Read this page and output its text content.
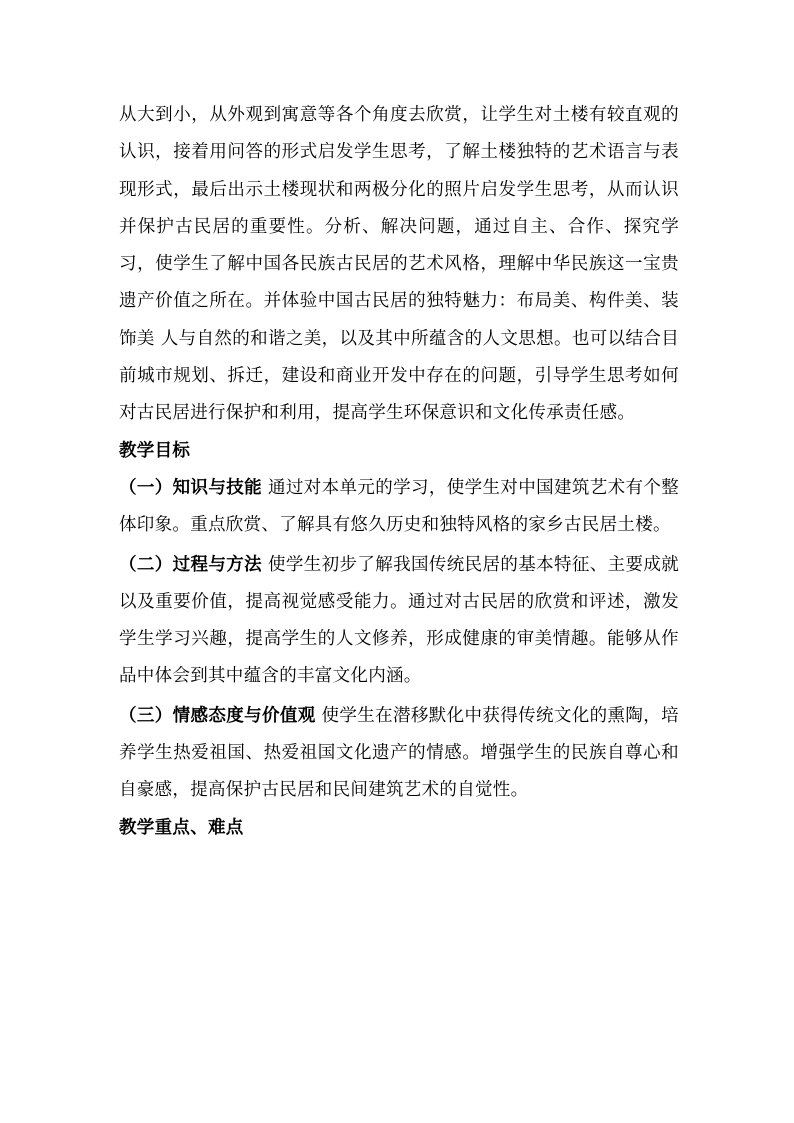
从大到小，从外观到寓意等各个角度去欣赏，让学生对土楼有较直观的认识，接着用问答的形式启发学生思考，了解土楼独特的艺术语言与表现形式，最后出示土楼现状和两极分化的照片启发学生思考，从而认识并保护古民居的重要性。分析、解决问题，通过自主、合作、探究学习，使学生了解中国各民族古民居的艺术风格，理解中华民族这一宝贵遗产价值之所在。并体验中国古民居的独特魅力：布局美、构件美、装饰美 人与自然的和谐之美，以及其中所蕴含的人文思想。也可以结合目前城市规划、拆迁，建设和商业开发中存在的问题，引导学生思考如何对古民居进行保护和利用，提高学生环保意识和文化传承责任感。

教学目标

（一）知识与技能 通过对本单元的学习，使学生对中国建筑艺术有个整体印象。重点欣赏、了解具有悠久历史和独特风格的家乡古民居土楼。

（二）过程与方法 使学生初步了解我国传统民居的基本特征、主要成就以及重要价值，提高视觉感受能力。通过对古民居的欣赏和评述，激发学生学习兴趣，提高学生的人文修养，形成健康的审美情趣。能够从作品中体会到其中蕴含的丰富文化内涵。

（三）情感态度与价值观 使学生在潜移默化中获得传统文化的熏陶，培养学生热爱祖国、热爱祖国文化遗产的情感。增强学生的民族自尊心和自豪感，提高保护古民居和民间建筑艺术的自觉性。

教学重点、难点
